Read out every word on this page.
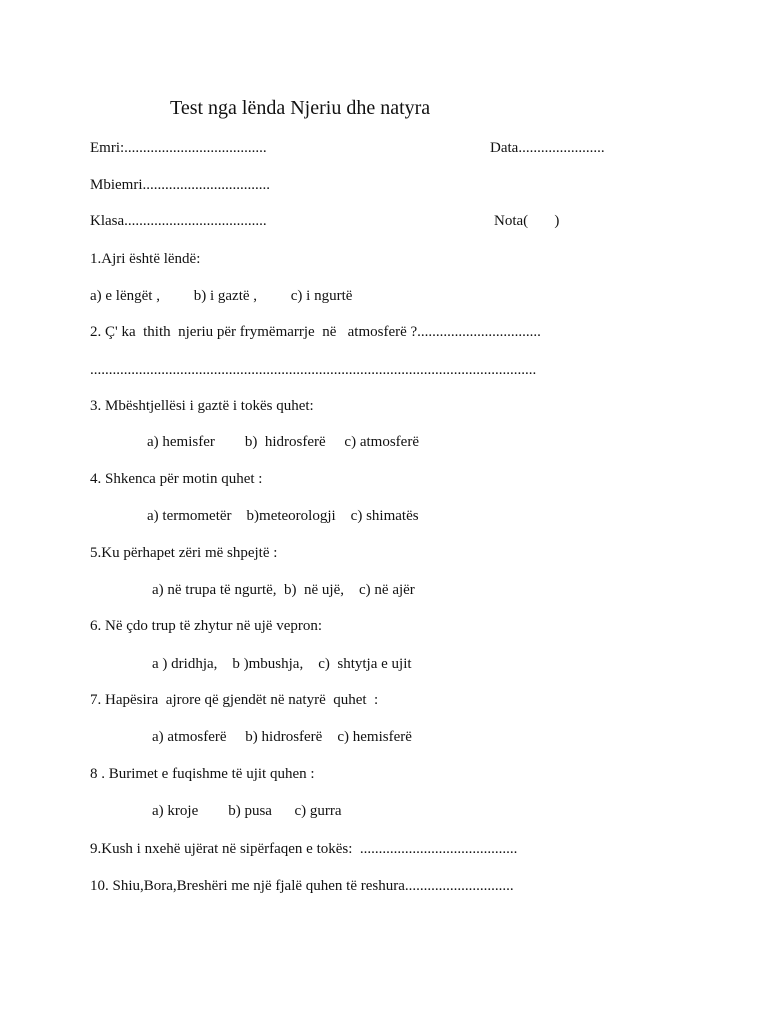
Test nga lënda Njeriu dhe natyra
Emri:......................................	Data.......................
Mbiemri..................................
Klasa......................................	Nota(       )
1.Ajri është lëndë:
a) e lëngët ,         b) i gaztë ,         c) i ngurtë
2. Ç' ka  thith  njeriu për frymëmarrje  në   atmosferë ?.................................
.......................................................................................................................
3. Mbështjellësi i gaztë i tokës quhet:
a) hemisfer        b)  hidrosferë     c) atmosferë
4. Shkenca për motin quhet :
a) termometër    b)meteorologji    c) shimatës
5.Ku përhapet zëri më shpejtë :
a) në trupa të ngurtë,  b)  në ujë,    c) në ajër
6. Në çdo trup të zhytur në ujë vepron:
a ) dridhja,    b )mbushja,    c)  shtytja e ujit
7. Hapësira  ajrore që gjendët në natyrë  quhet  :
a) atmosferë     b) hidrosferë    c) hemisferë
8 . Burimet e fuqishme të ujit quhen :
a) kroje        b) pusa      c) gurra
9.Kush i nxehë ujërat në sipërfaqen e tokës:  ..........................................
10. Shiu,Bora,Breshëri me një fjalë quhen të reshura.............................
